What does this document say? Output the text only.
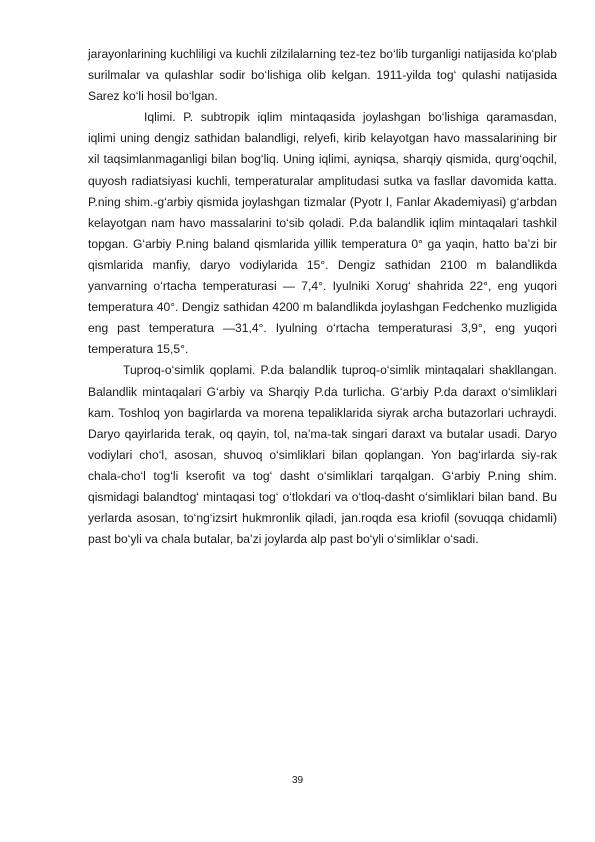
jarayonlarining kuchliligi va kuchli zilzilalarning tez-tez bo‘lib turganligi natijasida ko‘plab surilmalar va qulashlar sodir bo‘lishiga olib kelgan. 1911-yilda tog‘ qulashi natijasida Sarez ko‘li hosil bo‘lgan.

Iqlimi. P. subtropik iqlim mintaqasida joylashgan bo‘lishiga qaramasdan, iqlimi uning dengiz sathidan balandligi, relyefi, kirib kelayotgan havo massalarining bir xil taqsimlanmaganligi bilan bog‘liq. Uning iqlimi, ayniqsa, sharqiy qismida, qurg‘oqchil, quyosh radiatsiyasi kuchli, temperaturalar amplitudasi sutka va fasllar davomida katta. P.ning shim.-g‘arbiy qismida joylashgan tizmalar (Pyotr I, Fanlar Akademiyasi) g‘arbdan kelayotgan nam havo massalarini to‘sib qoladi. P.da balandlik iqlim mintaqalari tashkil topgan. G‘arbiy P.ning baland qismlarida yillik temperatura 0° ga yaqin, hatto ba’zi bir qismlarida manfiy, daryo vodiylarida 15°. Dengiz sathidan 2100 m balandlikda yanvarning o‘rtacha temperaturasi — 7,4°. Iyulniki Xorug‘ shahrida 22°, eng yuqori temperatura 40°. Dengiz sathidan 4200 m balandlikda joylashgan Fedchenko muzligida eng past temperatura —31,4°. Iyulning o‘rtacha temperaturasi 3,9°, eng yuqori temperatura 15,5°.

Tuproq-o‘simlik qoplami. P.da balandlik tuproq-o‘simlik mintaqalari shakllangan. Balandlik mintaqalari G‘arbiy va Sharqiy P.da turlicha. G‘arbiy P.da daraxt o‘simliklari kam. Toshloq yon bagirlarda va morena tepaliklarida siyrak archa butazorlari uchraydi. Daryo qayirlarida terak, oq qayin, tol, na’ma-tak singari daraxt va butalar usadi. Daryo vodiylari cho‘l, asosan, shuvoq o‘simliklari bilan qoplangan. Yon bag‘irlarda siy-rak chala-cho‘l tog‘li kserofit va tog‘ dasht o‘simliklari tarqalgan. G‘arbiy P.ning shim. qismidagi balandtog‘ mintaqasi tog‘ o‘tlokdari va o‘tloq-dasht o‘simliklari bilan band. Bu yerlarda asosan, to‘ng‘izsirt hukmronlik qiladi, jan.roqda esa kriofil (sovuqqa chidamli) past bo‘yli va chala butalar, ba’zi joylarda alp past bo‘yli o‘simliklar o‘sadi.

39
